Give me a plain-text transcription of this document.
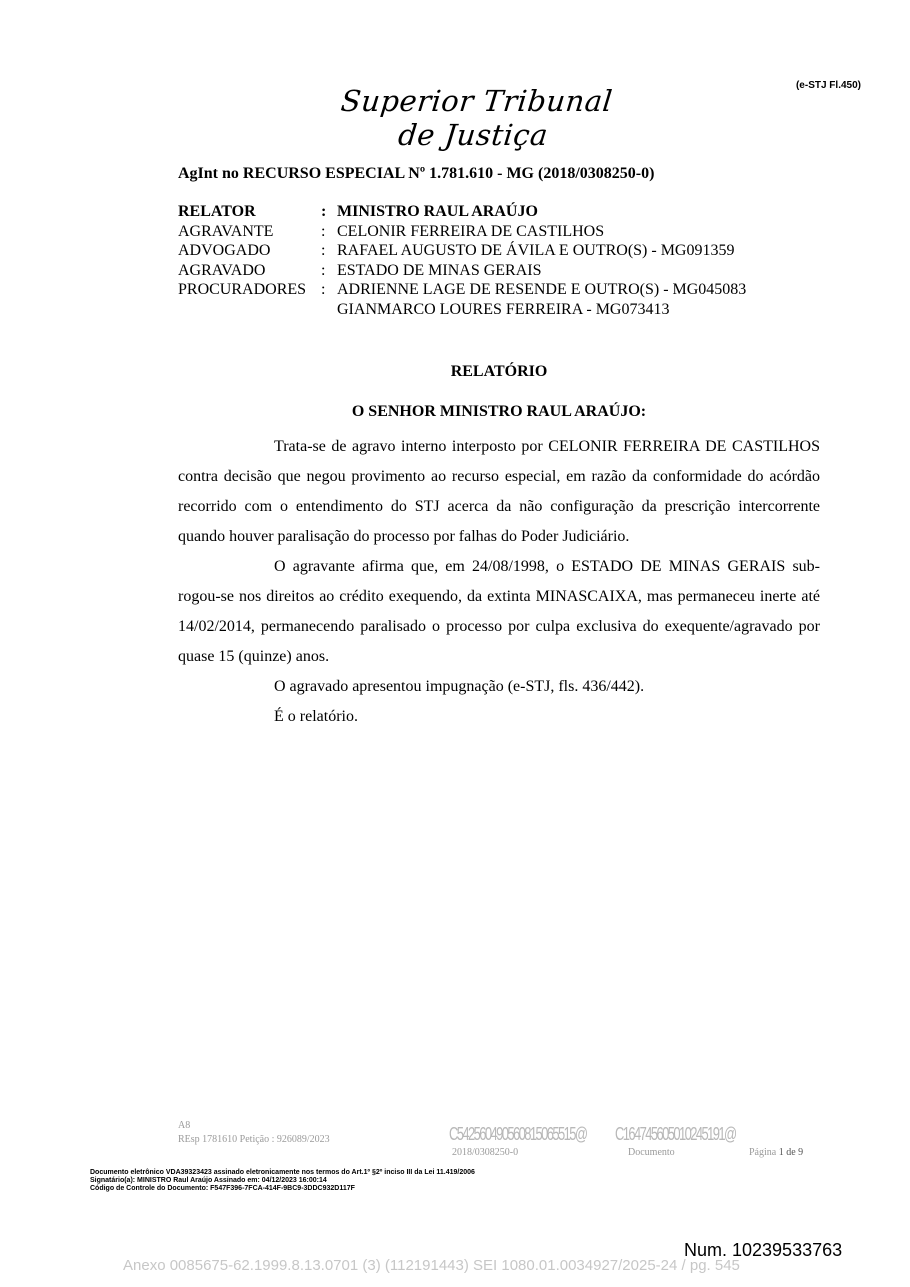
(e-STJ Fl.450)
Superior Tribunal de Justiça
AgInt no RECURSO ESPECIAL Nº 1.781.610 - MG (2018/0308250-0)
RELATOR	: MINISTRO RAUL ARAÚJO
AGRAVANTE	: CELONIR FERREIRA DE CASTILHOS
ADVOGADO	: RAFAEL AUGUSTO DE ÁVILA E OUTRO(S) - MG091359
AGRAVADO	: ESTADO DE MINAS GERAIS
PROCURADORES : ADRIENNE LAGE DE RESENDE E OUTRO(S) - MG045083
GIANMARCO LOURES FERREIRA - MG073413
RELATÓRIO
O SENHOR MINISTRO RAUL ARAÚJO:

Trata-se de agravo interno interposto por CELONIR FERREIRA DE CASTILHOS contra decisão que negou provimento ao recurso especial, em razão da conformidade do acórdão recorrido com o entendimento do STJ acerca da não configuração da prescrição intercorrente quando houver paralisação do processo por falhas do Poder Judiciário.

O agravante afirma que, em 24/08/1998, o ESTADO DE MINAS GERAIS sub-rogou-se nos direitos ao crédito exequendo, da extinta MINASCAIXA, mas permaneceu inerte até 14/02/2014, permanecendo paralisado o processo por culpa exclusiva do exequente/agravado por quase 15 (quinze) anos.

O agravado apresentou impugnação (e-STJ, fls. 436/442).

É o relatório.

A8
REsp 1781610 Petição : 926089/2023	C542560490560815065515@
2018/0308250-0
C164745605010245191@
Documento	Página 1 de 9
Documento eletrônico VDA39323423 assinado eletronicamente nos termos do Art.1º §2º inciso III da Lei 11.419/2006
Signatário(a): MINISTRO Raul Araújo Assinado em: 04/12/2023 16:00:14
Código de Controle do Documento: F547F396-7FCA-414F-9BC9-3DDC932D117F
Num. 10239533763
Anexo 0085675-62.1999.8.13.0701 (3) (112191443) SEI 1080.01.0034927/2025-24 / pg. 545
